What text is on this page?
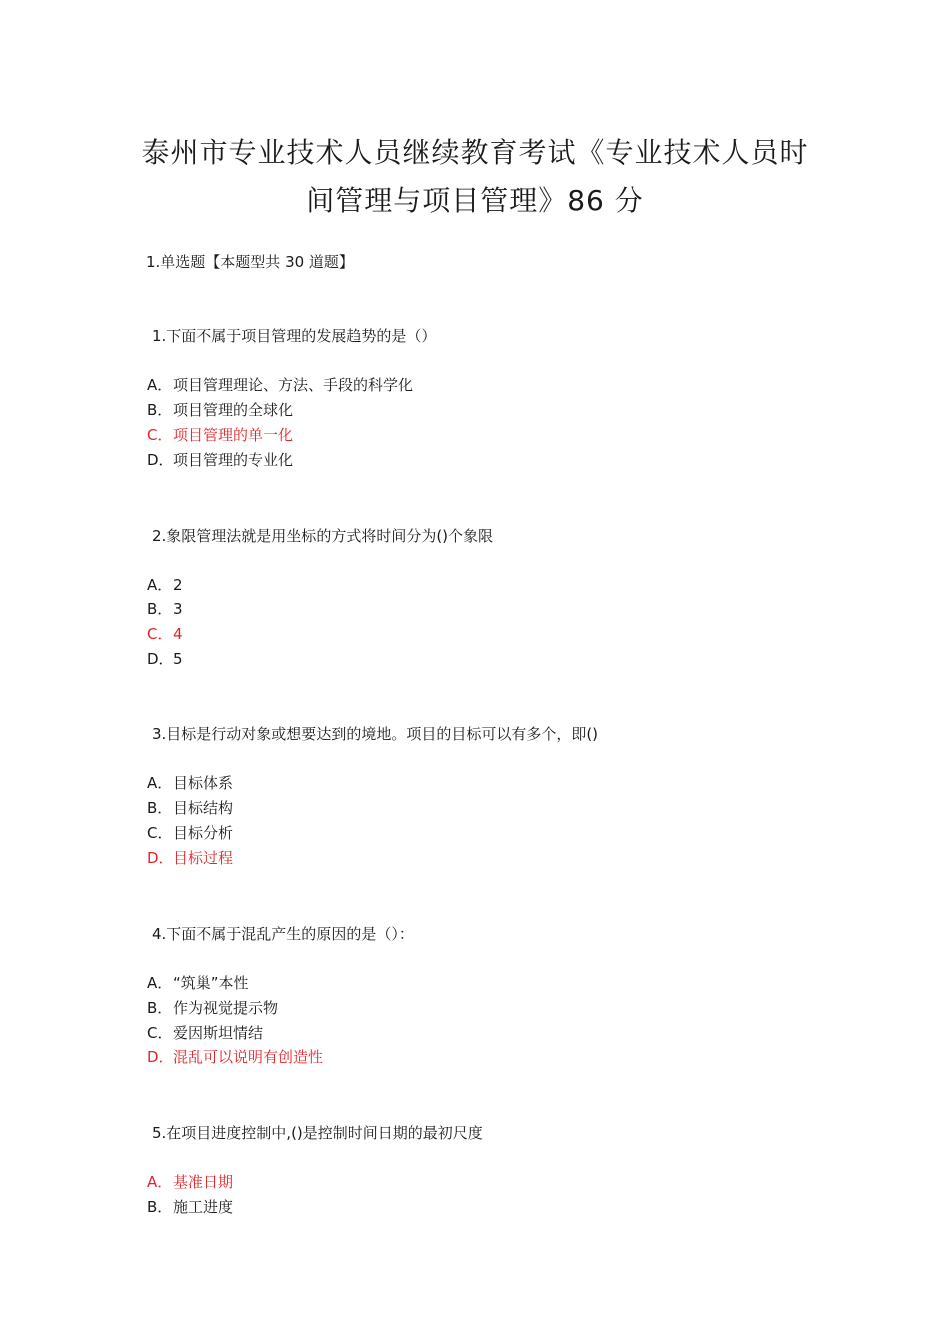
泰州市专业技术人员继续教育考试《专业技术人员时
间管理与项目管理》86 分
1.单选题【本题型共 30 道题】
1.下面不属于项目管理的发展趋势的是（）
A．项目管理理论、方法、手段的科学化
B．项目管理的全球化
C．项目管理的单一化
D．项目管理的专业化
2.象限管理法就是用坐标的方式将时间分为()个象限
A．2
B．3
C．4
D．5
3.目标是行动对象或想要达到的境地。项目的目标可以有多个，即()
A．目标体系
B．目标结构
C．目标分析
D．目标过程
4.下面不属于混乱产生的原因的是（）：
A．“筑巢”本性
B．作为视觉提示物
C．爱因斯坦情结
D．混乱可以说明有创造性
5.在项目进度控制中,()是控制时间日期的最初尺度
A．基准日期
B．施工进度
